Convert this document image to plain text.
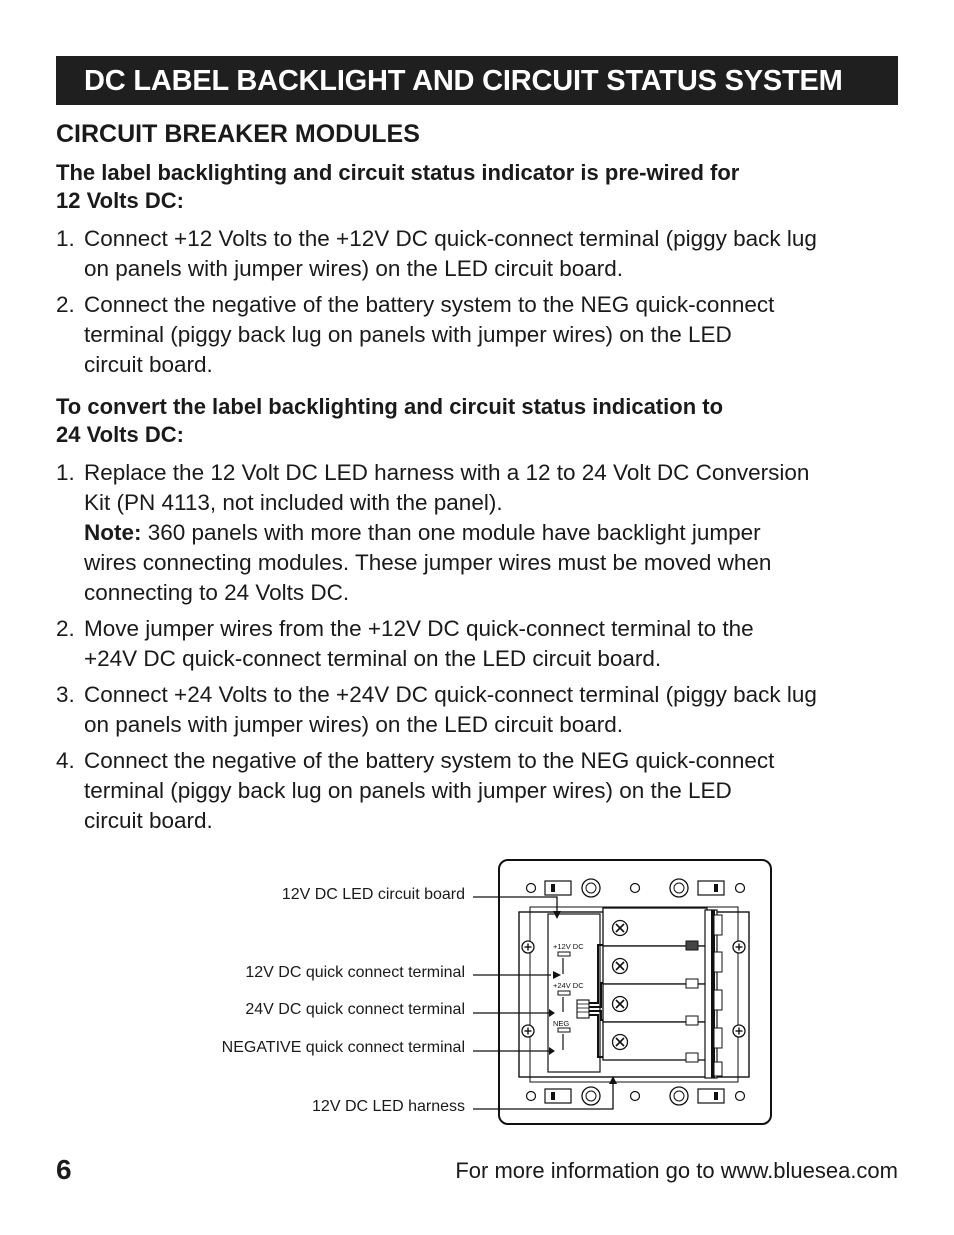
DC LABEL BACKLIGHT AND CIRCUIT STATUS SYSTEM
CIRCUIT BREAKER MODULES
The label backlighting and circuit status indicator is pre-wired for
12 Volts DC:
1. Connect +12 Volts to the +12V DC quick-connect terminal (piggy back lug
on panels with jumper wires) on the LED circuit board.
2. Connect the negative of the battery system to the NEG quick-connect
terminal (piggy back lug on panels with jumper wires) on the LED
circuit board.
To convert the label backlighting and circuit status indication to
24 Volts DC:
1. Replace the 12 Volt DC LED harness with a 12 to 24 Volt DC Conversion
Kit (PN 4113, not included with the panel).
Note: 360 panels with more than one module have backlight jumper
wires connecting modules. These jumper wires must be moved when
connecting to 24 Volts DC.
2. Move jumper wires from the +12V DC quick-connect terminal to the
+24V DC quick-connect terminal on the LED circuit board.
3. Connect +24 Volts to the +24V DC quick-connect terminal (piggy back lug
on panels with jumper wires) on the LED circuit board.
4. Connect the negative of the battery system to the NEG quick-connect
terminal (piggy back lug on panels with jumper wires) on the LED
circuit board.
12V DC LED circuit board
12V DC quick connect terminal
24V DC quick connect terminal
NEGATIVE quick connect terminal
12V DC LED harness
+12V DC
+24V DC
NEG
6	For more information go to www.bluesea.com
